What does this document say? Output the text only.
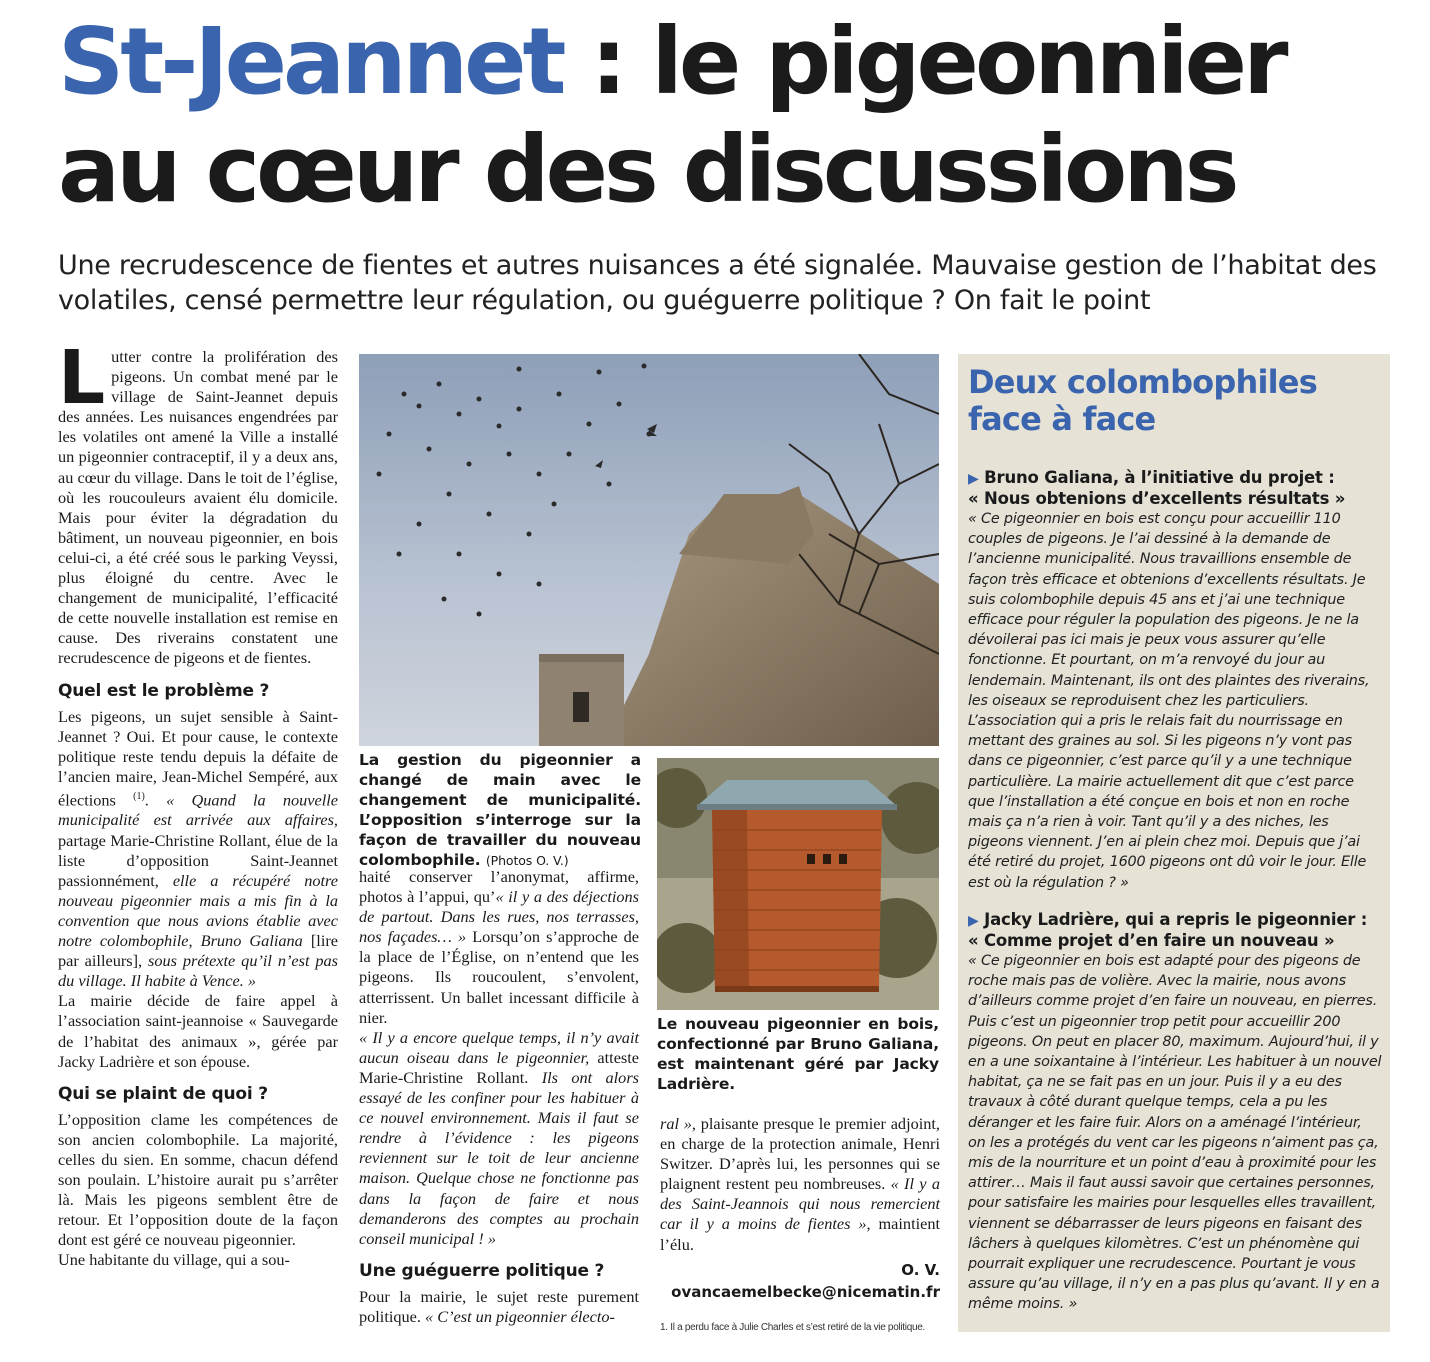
St-Jeannet : le pigeonnier
au cœur des discussions
Une recrudescence de fientes et autres nuisances a été signalée. Mauvaise gestion de l’habitat des volatiles, censé permettre leur régulation, ou guéguerre politique ? On fait le point

Lutter contre la prolifération des pigeons. Un combat mené par le village de Saint-Jeannet depuis des années. Les nuisances engendrées par les volatiles ont amené la Ville a installé un pigeonnier contraceptif, il y a deux ans, au cœur du village. Dans le toit de l’église, où les roucouleurs avaient élu domicile. Mais pour éviter la dégradation du bâtiment, un nouveau pigeonnier, en bois celui-ci, a été créé sous le parking Veyssi, plus éloigné du centre. Avec le changement de municipalité, l’efficacité de cette nouvelle installation est remise en cause. Des riverains constatent une recrudescence de pigeons et de fientes.

Quel est le problème ?

Les pigeons, un sujet sensible à Saint-Jeannet ? Oui. Et pour cause, le contexte politique reste tendu depuis la défaite de l’ancien maire, Jean-Michel Sempéré, aux élections $^{(1)}$. « Quand la nouvelle municipalité est arrivée aux affaires, partage Marie-Christine Rollant, élue de la liste d’opposition Saint-Jeannet passionnément, elle a récupéré notre nouveau pigeonnier mais a mis fin à la convention que nous avions établie avec notre colombophile, Bruno Galiana [lire par ailleurs], sous prétexte qu’il n’est pas du village. Il habite à Vence. »

La mairie décide de faire appel à l’association saint-jeannoise « Sauvegarde de l’habitat des animaux », gérée par Jacky Ladrière et son épouse.

Qui se plaint de quoi ?

L’opposition clame les compétences de son ancien colombophile. La majorité, celles du sien. En somme, chacun défend son poulain. L’histoire aurait pu s’arrêter là. Mais les pigeons semblent être de retour. Et l’opposition doute de la façon dont est géré ce nouveau pigeonnier.

Une habitante du village, qui a sou-

La gestion du pigeonnier a changé de main avec le changement de municipalité. L’opposition s’interroge sur la façon de travailler du nouveau colombophile. (Photos O. V.)
Le nouveau pigeonnier en bois, confectionné par Bruno Galiana, est maintenant géré par Jacky Ladrière.

haité conserver l’anonymat, affirme, photos à l’appui, qu’« il y a des déjections de partout. Dans les rues, nos terrasses, nos façades… » Lorsqu’on s’approche de la place de l’Église, on n’entend que les pigeons. Ils roucoulent, s’envolent, atterrissent. Un ballet incessant difficile à nier.

« Il y a encore quelque temps, il n’y avait aucun oiseau dans le pigeonnier, atteste Marie-Christine Rollant. Ils ont alors essayé de les confiner pour les habituer à ce nouvel environnement. Mais il faut se rendre à l’évidence : les pigeons reviennent sur le toit de leur ancienne maison. Quelque chose ne fonctionne pas dans la façon de faire et nous demanderons des comptes au prochain conseil municipal ! »

Une guéguerre politique ?

Pour la mairie, le sujet reste purement politique. « C’est un pigeonnier électo-

ral », plaisante presque le premier adjoint, en charge de la protection animale, Henri Switzer. D’après lui, les personnes qui se plaignent restent peu nombreuses. « Il y a des Saint-Jeannois qui nous remercient car il y a moins de fientes », maintient l’élu.

O. V.
ovancaemelbecke@nicematin.fr
1. Il a perdu face à Julie Charles et s’est retiré de la vie politique.
Deux colombophiles
face à face
▶ Bruno Galiana, à l’initiative du projet :
« Nous obtenions d’excellents résultats »
« Ce pigeonnier en bois est conçu pour accueillir 110 couples de pigeons. Je l’ai dessiné à la demande de l’ancienne municipalité. Nous travaillions ensemble de façon très efficace et obtenions d’excellents résultats. Je suis colombophile depuis 45 ans et j’ai une technique efficace pour réguler la population des pigeons. Je ne la dévoilerai pas ici mais je peux vous assurer qu’elle fonctionne. Et pourtant, on m’a renvoyé du jour au lendemain. Maintenant, ils ont des plaintes des riverains, les oiseaux se reproduisent chez les particuliers. L’association qui a pris le relais fait du nourrissage en mettant des graines au sol. Si les pigeons n’y vont pas dans ce pigeonnier, c’est parce qu’il y a une technique particulière. La mairie actuellement dit que c’est parce que l’installation a été conçue en bois et non en roche mais ça n’a rien à voir. Tant qu’il y a des niches, les pigeons viennent. J’en ai plein chez moi. Depuis que j’ai été retiré du projet, 1600 pigeons ont dû voir le jour. Elle est où la régulation ? »
▶ Jacky Ladrière, qui a repris le pigeonnier :
« Comme projet d’en faire un nouveau »
« Ce pigeonnier en bois est adapté pour des pigeons de roche mais pas de volière. Avec la mairie, nous avons d’ailleurs comme projet d’en faire un nouveau, en pierres. Puis c’est un pigeonnier trop petit pour accueillir 200 pigeons. On peut en placer 80, maximum. Aujourd’hui, il y en a une soixantaine à l’intérieur. Les habituer à un nouvel habitat, ça ne se fait pas en un jour. Puis il y a eu des travaux à côté durant quelque temps, cela a pu les déranger et les faire fuir. Alors on a aménagé l’intérieur, on les a protégés du vent car les pigeons n’aiment pas ça, mis de la nourriture et un point d’eau à proximité pour les attirer… Mais il faut aussi savoir que certaines personnes, pour satisfaire les mairies pour lesquelles elles travaillent, viennent se débarrasser de leurs pigeons en faisant des lâchers à quelques kilomètres. C’est un phénomène qui pourrait expliquer une recrudescence. Pourtant je vous assure qu’au village, il n’y en a pas plus qu’avant. Il y en a même moins. »
